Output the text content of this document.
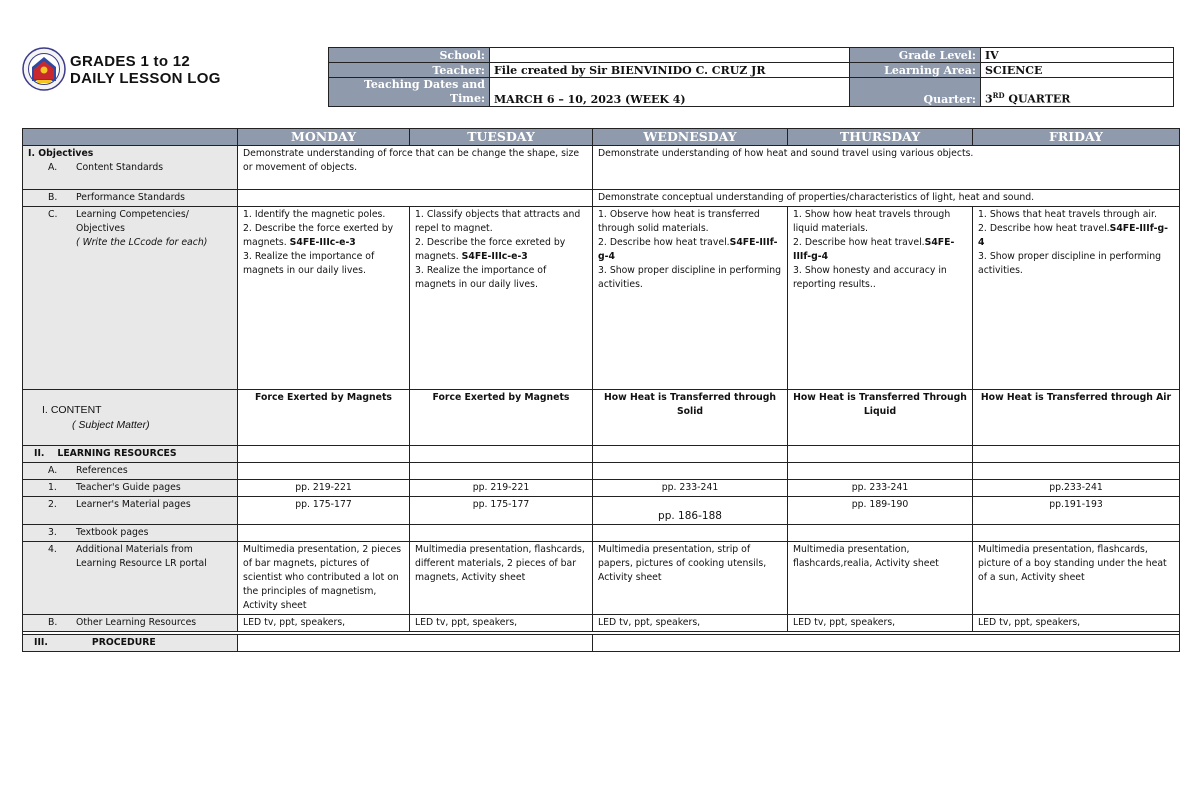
GRADES 1 to 12
DAILY LESSON LOG
School:		Grade Level:	IV
Teacher:	File created by Sir BIENVINIDO C. CRUZ JR	Learning Area:	SCIENCE

Teaching Dates and
Time:	MARCH 6 – 10, 2023 (WEEK 4)	Quarter:	3RD QUARTER
	MONDAY	TUESDAY	WEDNESDAY	THURSDAY	FRIDAY
I. Objectives
A. Content Standards	Demonstrate understanding of force that can be change the shape, size or movement of objects.		Demonstrate understanding of how heat and sound travel using various objects.		
B. Performance Standards			Demonstrate conceptual understanding of properties/characteristics of light, heat and sound.		
C. Learning Competencies/

Objectives
( Write the LCcode for each)	1. Identify the magnetic poles.
2. Describe the force exerted by magnets. S4FE-IIIc-e-3
3. Realize the importance of magnets in our daily lives.	1. Classify objects that attracts and repel to magnet.
2. Describe the force exreted by magnets. S4FE-IIIc-e-3
3. Realize the importance of magnets in our daily lives.	1. Observe how heat is transferred through solid materials.
2. Describe how heat travel.S4FE-IIIf-g-4
3. Show proper discipline in performing activities.	1. Show how heat travels through liquid materials.
2. Describe how heat travel.S4FE-IIIf-g-4
3. Show honesty and accuracy in reporting results..	1. Shows that heat travels through air.
2. Describe how heat travel.S4FE-IIIf-g-4
3. Show proper discipline in performing activities.
I. CONTENT
( Subject Matter)	Force Exerted by Magnets	Force Exerted by Magnets	How Heat is Transferred through Solid	How Heat is Transferred Through Liquid	How Heat is Transferred through Air
II. LEARNING RESOURCES					
A. References					
1. Teacher's Guide pages	pp. 219-221	pp. 219-221	pp. 233-241	pp. 233-241	pp.233-241
2. Learner's Material pages	pp. 175-177	pp. 175-177	pp. 186-188	pp. 189-190	pp.191-193
3. Textbook pages					
4. Additional Materials from

Learning Resource LR portal	Multimedia presentation, 2 pieces of bar magnets, pictures of scientist who contributed a lot on the principles of magnetism, Activity sheet	Multimedia presentation, flashcards, different materials, 2 pieces of bar magnets, Activity sheet	Multimedia presentation, strip of papers, pictures of cooking utensils, Activity sheet	Multimedia presentation, flashcards,realia, Activity sheet	Multimedia presentation, flashcards, picture of a boy standing under the heat of a sun, Activity sheet
B. Other Learning Resources	LED tv, ppt, speakers,	LED tv, ppt, speakers,	LED tv, ppt, speakers,	LED tv, ppt, speakers,	LED tv, ppt, speakers,

III. PROCEDURE					
